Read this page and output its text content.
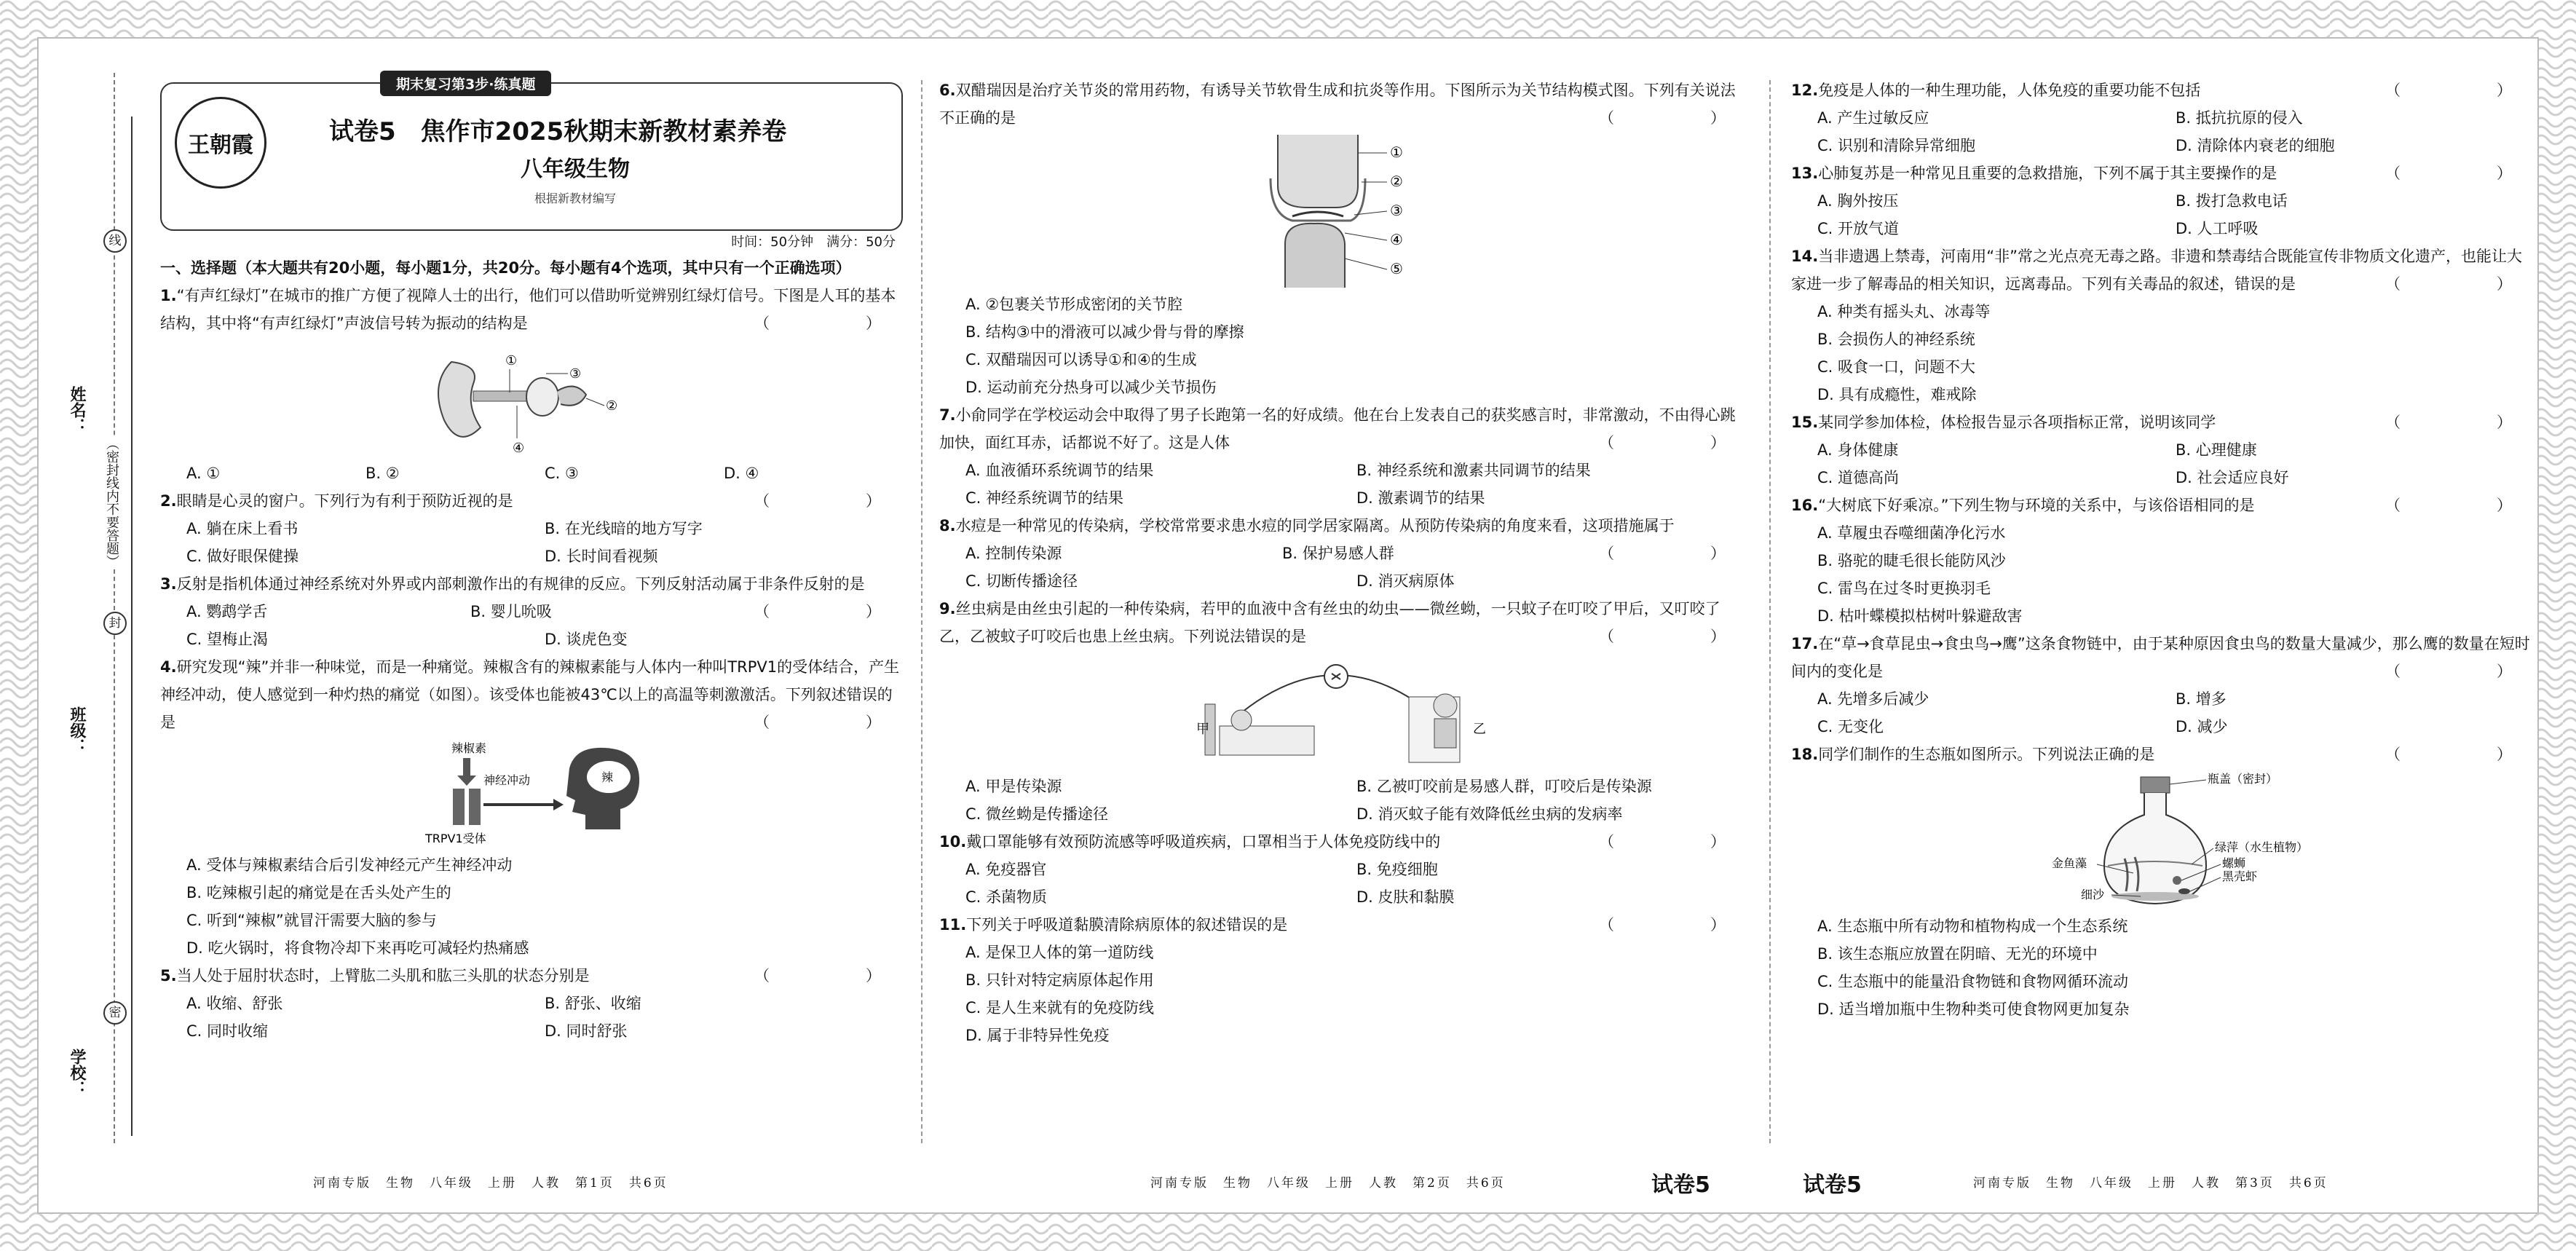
线
封
密
姓名：
（密封线内不要答题）
班级：
学校：
期末复习第3步·练真题
王朝霞	试卷5　焦作市2025秋期末新教材素养卷
八年级生物
根据新教材编写
时间：50分钟　满分：50分
一、选择题（本大题共有20小题，每小题1分，共20分。每小题有4个选项，其中只有一个正确选项）

1.“有声红绿灯”在城市的推广方便了视障人士的出行，他们可以借助听觉辨别红绿灯信号。下图是人耳的基本结构，其中将“有声红绿灯”声波信号转为振动的结构是	（　　）

①
②
③
④
A. ①	B. ②	C. ③	D. ④

2.眼睛是心灵的窗户。下列行为有利于预防近视的是	（　　）

A. 躺在床上看书	B. 在光线暗的地方写字
C. 做好眼保健操	D. 长时间看视频

3.反射是指机体通过神经系统对外界或内部刺激作出的有规律的反应。下列反射活动属于非条件反射的是
（　　）

A. 鹦鹉学舌	B. 婴儿吮吸
C. 望梅止渴	D. 谈虎色变

4.研究发现“辣”并非一种味觉，而是一种痛觉。辣椒含有的辣椒素能与人体内一种叫TRPV1的受体结合，产生神经冲动，使人感觉到一种灼热的痛觉（如图）。该受体也能被43℃以上的高温等刺激激活。下列叙述错误的是	（　　）

辣椒素
神经冲动	辣
TRPV1受体
A. 受体与辣椒素结合后引发神经元产生神经冲动
B. 吃辣椒引起的痛觉是在舌头处产生的
C. 听到“辣椒”就冒汗需要大脑的参与
D. 吃火锅时，将食物冷却下来再吃可减轻灼热痛感

5.当人处于屈肘状态时，上臂肱二头肌和肱三头肌的状态分别是	（　　）

A. 收缩、舒张	B. 舒张、收缩
C. 同时收缩	D. 同时舒张

6.双醋瑞因是治疗关节炎的常用药物，有诱导关节软骨生成和抗炎等作用。下图所示为关节结构模式图。下列有关说法不正确的是	（　　）

①
②
③
④
⑤
A. ②包裹关节形成密闭的关节腔
B. 结构③中的滑液可以减少骨与骨的摩擦
C. 双醋瑞因可以诱导①和④的生成
D. 运动前充分热身可以减少关节损伤

7.小俞同学在学校运动会中取得了男子长跑第一名的好成绩。他在台上发表自己的获奖感言时，非常激动，不由得心跳加快，面红耳赤，话都说不好了。这是人体	（　　）

A. 血液循环系统调节的结果	B. 神经系统和激素共同调节的结果
C. 神经系统调节的结果	D. 激素调节的结果

8.水痘是一种常见的传染病，学校常常要求患水痘的同学居家隔离。从预防传染病的角度来看，这项措施属于
（　　）

A. 控制传染源	B. 保护易感人群
C. 切断传播途径	D. 消灭病原体

9.丝虫病是由丝虫引起的一种传染病，若甲的血液中含有丝虫的幼虫——微丝蚴，一只蚊子在叮咬了甲后，又叮咬了乙，乙被蚊子叮咬后也患上丝虫病。下列说法错误的是	（　　）

甲	乙
A. 甲是传染源	B. 乙被叮咬前是易感人群，叮咬后是传染源
C. 微丝蚴是传播途径	D. 消灭蚊子能有效降低丝虫病的发病率

10.戴口罩能够有效预防流感等呼吸道疾病，口罩相当于人体免疫防线中的	（　　）

A. 免疫器官	B. 免疫细胞
C. 杀菌物质	D. 皮肤和黏膜

11.下列关于呼吸道黏膜清除病原体的叙述错误的是	（　　）

A. 是保卫人体的第一道防线
B. 只针对特定病原体起作用
C. 是人生来就有的免疫防线
D. 属于非特异性免疫

12.免疫是人体的一种生理功能，人体免疫的重要功能不包括	（　　）

A. 产生过敏反应	B. 抵抗抗原的侵入
C. 识别和清除异常细胞	D. 清除体内衰老的细胞

13.心肺复苏是一种常见且重要的急救措施，下列不属于其主要操作的是	（　　）

A. 胸外按压	B. 拨打急救电话
C. 开放气道	D. 人工呼吸

14.当非遗遇上禁毒，河南用“非”常之光点亮无毒之路。非遗和禁毒结合既能宣传非物质文化遗产，也能让大家进一步了解毒品的相关知识，远离毒品。下列有关毒品的叙述，错误的是	（　　）

A. 种类有摇头丸、冰毒等
B. 会损伤人的神经系统
C. 吸食一口，问题不大
D. 具有成瘾性，难戒除

15.某同学参加体检，体检报告显示各项指标正常，说明该同学	（　　）

A. 身体健康	B. 心理健康
C. 道德高尚	D. 社会适应良好

16.“大树底下好乘凉。”下列生物与环境的关系中，与该俗语相同的是	（　　）

A. 草履虫吞噬细菌净化污水
B. 骆驼的睫毛很长能防风沙
C. 雷鸟在过冬时更换羽毛
D. 枯叶蝶模拟枯树叶躲避敌害

17.在“草→食草昆虫→食虫鸟→鹰”这条食物链中，由于某种原因食虫鸟的数量大量减少，那么鹰的数量在短时间内的变化是	（　　）

A. 先增多后减少	B. 增多
C. 无变化	D. 减少

18.同学们制作的生态瓶如图所示。下列说法正确的是	（　　）

瓶盖（密封）
绿萍（水生植物）
螺蛳
黑壳虾
金鱼藻
细沙
A. 生态瓶中所有动物和植物构成一个生态系统
B. 该生态瓶应放置在阴暗、无光的环境中
C. 生态瓶中的能量沿食物链和食物网循环流动
D. 适当增加瓶中生物种类可使食物网更加复杂
河南专版　生物　八年级　上册　人教　第1页　共6页	河南专版　生物　八年级　上册　人教　第2页　共6页	试卷5	试卷5	河南专版　生物　八年级　上册　人教　第3页　共6页
